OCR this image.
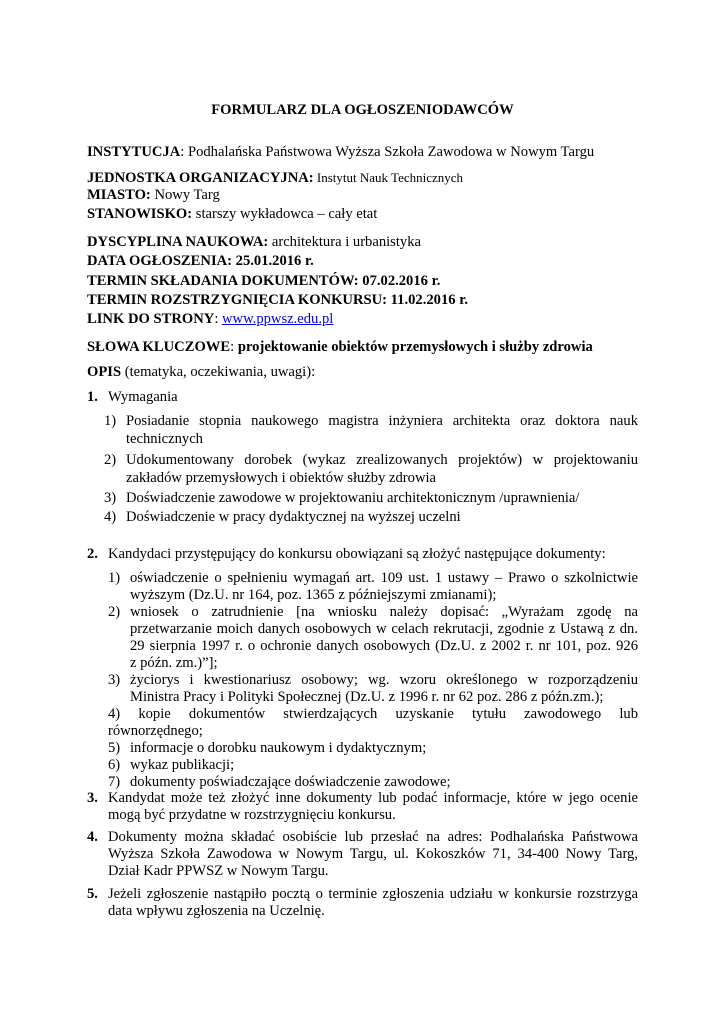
FORMULARZ DLA OGŁOSZENIODAWCÓW
INSTYTUCJA: Podhalańska Państwowa Wyższa Szkoła Zawodowa w Nowym Targu
JEDNOSTKA ORGANIZACYJNA: Instytut Nauk Technicznych
MIASTO: Nowy Targ
STANOWISKO: starszy wykładowca – cały etat
DYSCYPLINA NAUKOWA: architektura i urbanistyka
DATA OGŁOSZENIA: 25.01.2016 r.
TERMIN SKŁADANIA DOKUMENTÓW: 07.02.2016 r.
TERMIN ROZSTRZYGNIĘCIA KONKURSU: 11.02.2016 r.
LINK DO STRONY: www.ppwsz.edu.pl
SŁOWA KLUCZOWE: projektowanie obiektów przemysłowych i służby zdrowia
OPIS (tematyka, oczekiwania, uwagi):
1. Wymagania
1) Posiadanie stopnia naukowego magistra inżyniera architekta oraz doktora nauk
technicznych
2) Udokumentowany dorobek (wykaz zrealizowanych projektów) w projektowaniu
zakładów przemysłowych i obiektów służby zdrowia
3) Doświadczenie zawodowe w projektowaniu architektonicznym /uprawnienia/
4) Doświadczenie w pracy dydaktycznej na wyższej uczelni
2. Kandydaci przystępujący do konkursu obowiązani są złożyć następujące dokumenty:
1) oświadczenie o spełnieniu wymagań art. 109 ust. 1 ustawy – Prawo o szkolnictwie
wyższym (Dz.U. nr 164, poz. 1365 z późniejszymi zmianami);
2) wniosek o zatrudnienie [na wniosku należy dopisać: „Wyrażam zgodę na
przetwarzanie moich danych osobowych w celach rekrutacji, zgodnie z Ustawą z dn.
29 sierpnia 1997 r. o ochronie danych osobowych (Dz.U. z 2002 r. nr 101, poz. 926
z późn. zm.)”];
3) życiorys i kwestionariusz osobowy; wg. wzoru określonego w rozporządzeniu
Ministra Pracy i Polityki Społecznej (Dz.U. z 1996 r. nr 62 poz. 286 z późn.zm.);
4) kopie dokumentów stwierdzających uzyskanie tytułu zawodowego lub
równorzędnego;
5) informacje o dorobku naukowym i dydaktycznym;
6) wykaz publikacji;
7) dokumenty poświadczające doświadczenie zawodowe;
3. Kandydat może też złożyć inne dokumenty lub podać informacje, które w jego ocenie
mogą być przydatne w rozstrzygnięciu konkursu.
4. Dokumenty można składać osobiście lub przesłać na adres: Podhalańska Państwowa
Wyższa Szkoła Zawodowa w Nowym Targu, ul. Kokoszków 71, 34-400 Nowy Targ,
Dział Kadr PPWSZ w Nowym Targu.
5. Jeżeli zgłoszenie nastąpiło pocztą o terminie zgłoszenia udziału w konkursie rozstrzyga
data wpływu zgłoszenia na Uczelnię.
